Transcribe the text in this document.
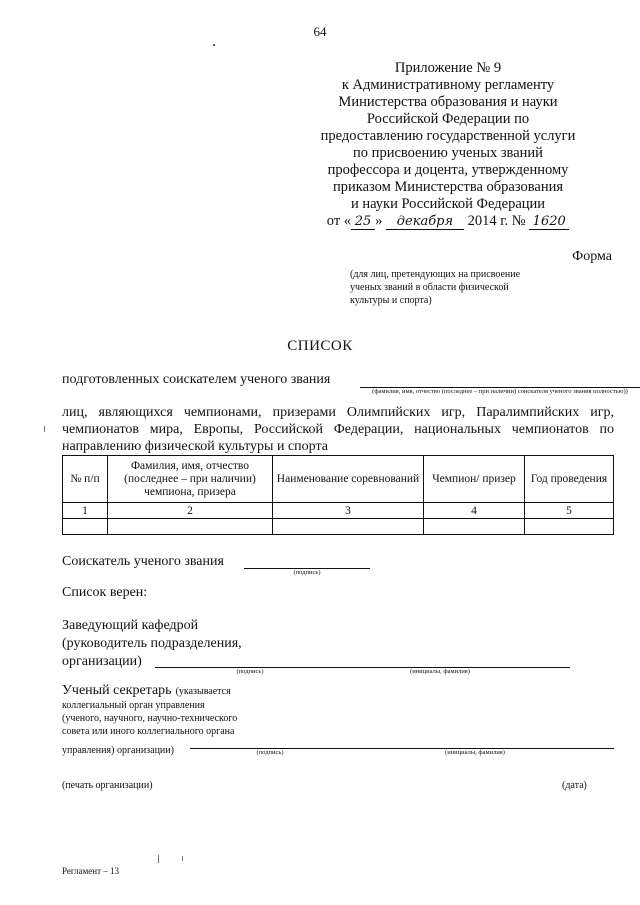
64
Приложение № 9
к Административному регламенту
Министерства образования и науки
Российской Федерации по
предоставлению государственной услуги
по присвоению ученых званий
профессора и доцента, утвержденному
приказом Министерства образования
и науки Российской Федерации
от « 25 » декабря 2014 г. № 1620
Форма
(для лиц, претендующих на присвоение ученых званий в области физической культуры и спорта)
СПИСОК
подготовленных соискателем ученого звания
(фамилия, имя, отчество (последнее – при наличии) соискателя ученого звания полностью))
лиц, являющихся чемпионами, призерами Олимпийских игр, Паралимпийских игр, чемпионатов мира, Европы, Российской Федерации, национальных чемпионатов по направлению физической культуры и спорта
№ п/п	Фамилия, имя, отчество (последнее – при наличии) чемпиона, призера	Наименование соревнований	Чемпион/ призер	Год проведения
1	2	3	4	5

Соискатель ученого звания
(подпись)
Список верен:
Заведующий кафедрой
(руководитель подразделения,
организации)
(подпись)	(инициалы, фамилия)
Ученый секретарь (указывается
коллегиальный орган управления
(ученого, научного, научно-технического
совета или иного коллегиального органа
управления) организации)	(подпись)	(инициалы, фамилия)
(печать организации)	(дата)
Регламент – 13
